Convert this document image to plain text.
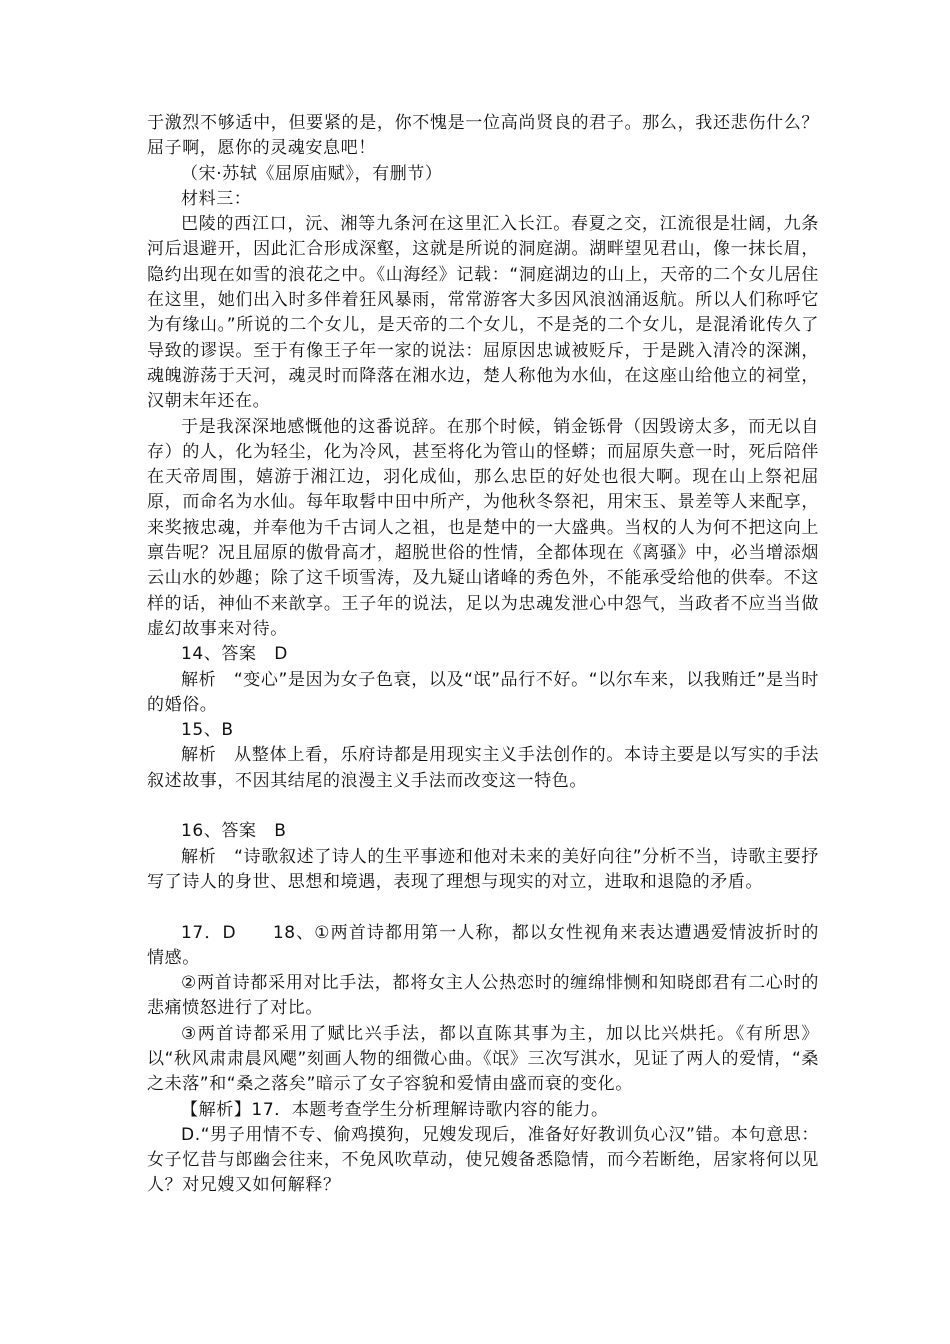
于激烈不够适中，但要紧的是，你不愧是一位高尚贤良的君子。那么，我还悲伤什么？屈子啊，愿你的灵魂安息吧！

（宋·苏轼《屈原庙赋》，有删节）

材料三：

巴陵的西江口，沅、湘等九条河在这里汇入长江。春夏之交，江流很是壮阔，九条河后退避开，因此汇合形成深壑，这就是所说的洞庭湖。湖畔望见君山，像一抹长眉，隐约出现在如雪的浪花之中。《山海经》记载：“洞庭湖边的山上，天帝的二个女儿居住在这里，她们出入时多伴着狂风暴雨，常常游客大多因风浪汹涌返航。所以人们称呼它为有缘山。”所说的二个女儿，是天帝的二个女儿，不是尧的二个女儿，是混淆讹传久了导致的谬误。至于有像王子年一家的说法：屈原因忠诚被贬斥，于是跳入清冷的深渊，魂魄游荡于天河，魂灵时而降落在湘水边，楚人称他为水仙，在这座山给他立的祠堂，汉朝末年还在。

于是我深深地感慨他的这番说辞。在那个时候，销金铄骨（因毁谤太多，而无以自存）的人，化为轻尘，化为冷风，甚至将化为管山的怪蟒；而屈原失意一时，死后陪伴在天帝周围，嬉游于湘江边，羽化成仙，那么忠臣的好处也很大啊。现在山上祭祀屈原，而命名为水仙。每年取髫中田中所产，为他秋冬祭祀，用宋玉、景差等人来配享，来奖掖忠魂，并奉他为千古词人之祖，也是楚中的一大盛典。当权的人为何不把这向上禀告呢？况且屈原的傲骨高才，超脱世俗的性情，全都体现在《离骚》中，必当增添烟云山水的妙趣；除了这千顷雪涛，及九疑山诸峰的秀色外，不能承受给他的供奉。不这样的话，神仙不来歆享。王子年的说法，足以为忠魂发泄心中怨气，当政者不应当当做虚幻故事来对待。

14、答案　D

解析　“变心”是因为女子色衰，以及“氓”品行不好。“以尔车来，以我贿迁”是当时的婚俗。

15、B

解析　从整体上看，乐府诗都是用现实主义手法创作的。本诗主要是以写实的手法叙述故事，不因其结尾的浪漫主义手法而改变这一特色。

16、答案　B

解析　“诗歌叙述了诗人的生平事迹和他对未来的美好向往”分析不当，诗歌主要抒写了诗人的身世、思想和境遇，表现了理想与现实的对立，进取和退隐的矛盾。

17．D　　18、①两首诗都用第一人称，都以女性视角来表达遭遇爱情波折时的情感。

②两首诗都采用对比手法，都将女主人公热恋时的缠绵悱恻和知晓郎君有二心时的悲痛愤怒进行了对比。

③两首诗都采用了赋比兴手法，都以直陈其事为主，加以比兴烘托。《有所思》以“秋风肃肃晨风飔”刻画人物的细微心曲。《氓》三次写淇水，见证了两人的爱情，“桑之未落”和“桑之落矣”暗示了女子容貌和爱情由盛而衰的变化。

【解析】17．本题考查学生分析理解诗歌内容的能力。

D.“男子用情不专、偷鸡摸狗，兄嫂发现后，准备好好教训负心汉”错。本句意思：女子忆昔与郎幽会往来，不免风吹草动，使兄嫂备悉隐情，而今若断绝，居家将何以见人？对兄嫂又如何解释？
